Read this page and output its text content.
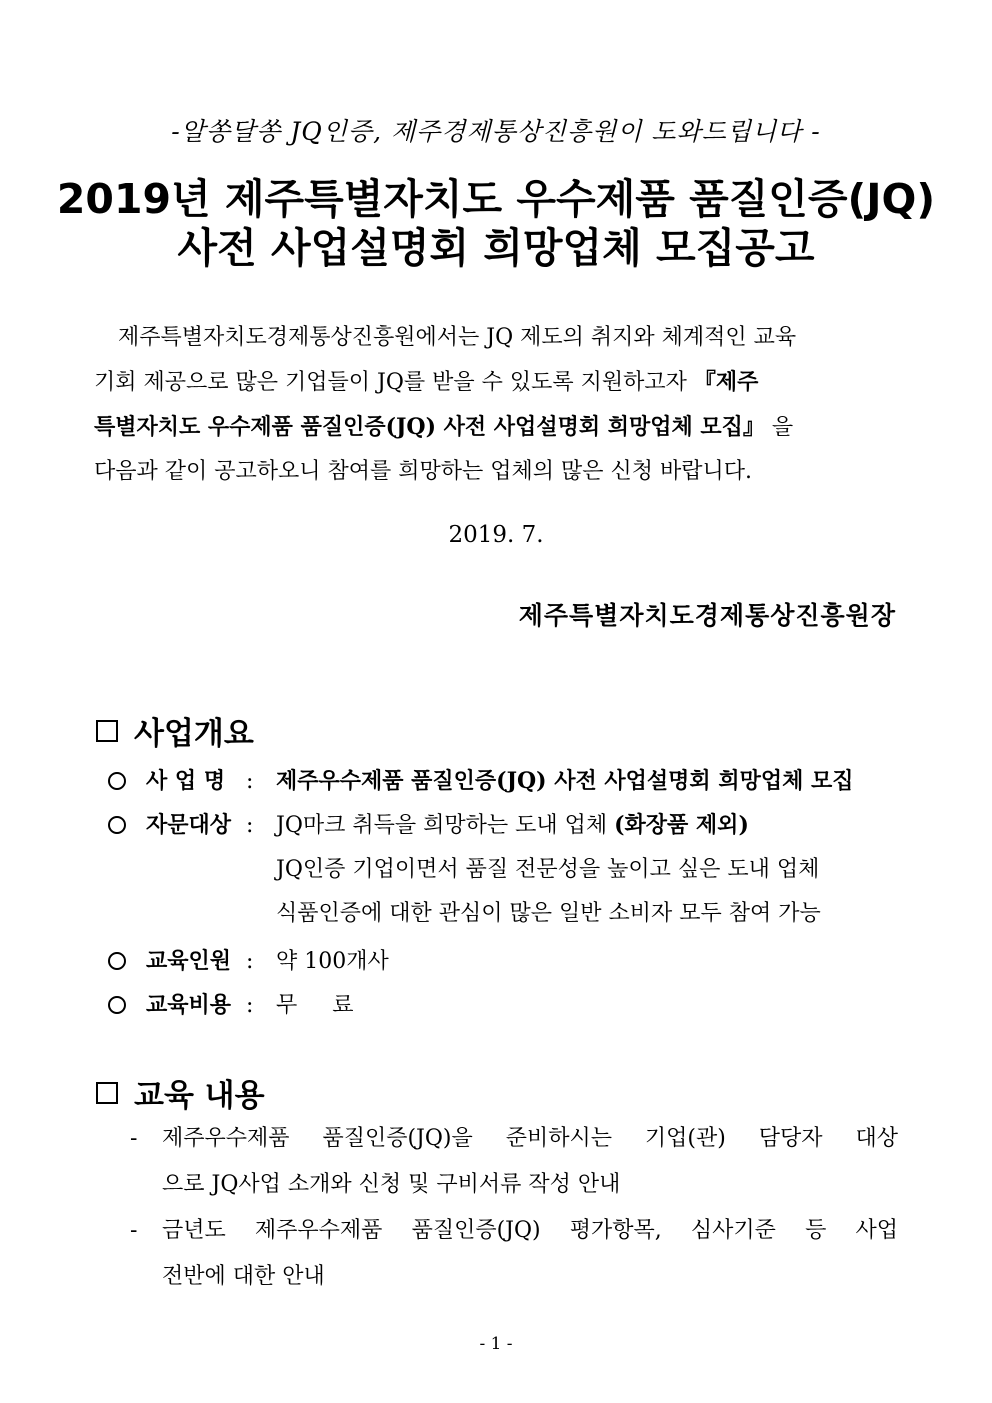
-알쏭달쏭 JQ인증, 제주경제통상진흥원이 도와드립니다 -
2019년 제주특별자치도 우수제품 품질인증(JQ)
사전 사업설명회 희망업체 모집공고

제주특별자치도경제통상진흥원에서는 JQ 제도의 취지와 체계적인 교육

기회 제공으로 많은 기업들이 JQ를 받을 수 있도록 지원하고자 『제주

특별자치도 우수제품 품질인증(JQ) 사전 사업설명회 희망업체 모집』 을

다음과 같이 공고하오니 참여를 희망하는 업체의 많은 신청 바랍니다.

2019. 7.
제주특별자치도경제통상진흥원장
사업개요
사 업 명 :	제주우수제품 품질인증(JQ) 사전 사업설명회 희망업체 모집
자문대상 :	JQ마크 취득을 희망하는 도내 업체 (화장품 제외)
JQ인증 기업이면서 품질 전문성을 높이고 싶은 도내 업체
식품인증에 대한 관심이 많은 일반 소비자 모두 참여 가능
교육인원 :	약 100개사
교육비용 :	무     료
교육 내용
- 제주우수제품 품질인증(JQ)을 준비하시는 기업(관) 담당자 대상

으로 JQ사업 소개와 신청 및 구비서류 작성 안내

- 금년도 제주우수제품 품질인증(JQ) 평가항목, 심사기준 등 사업

전반에 대한 안내

- 1 -
